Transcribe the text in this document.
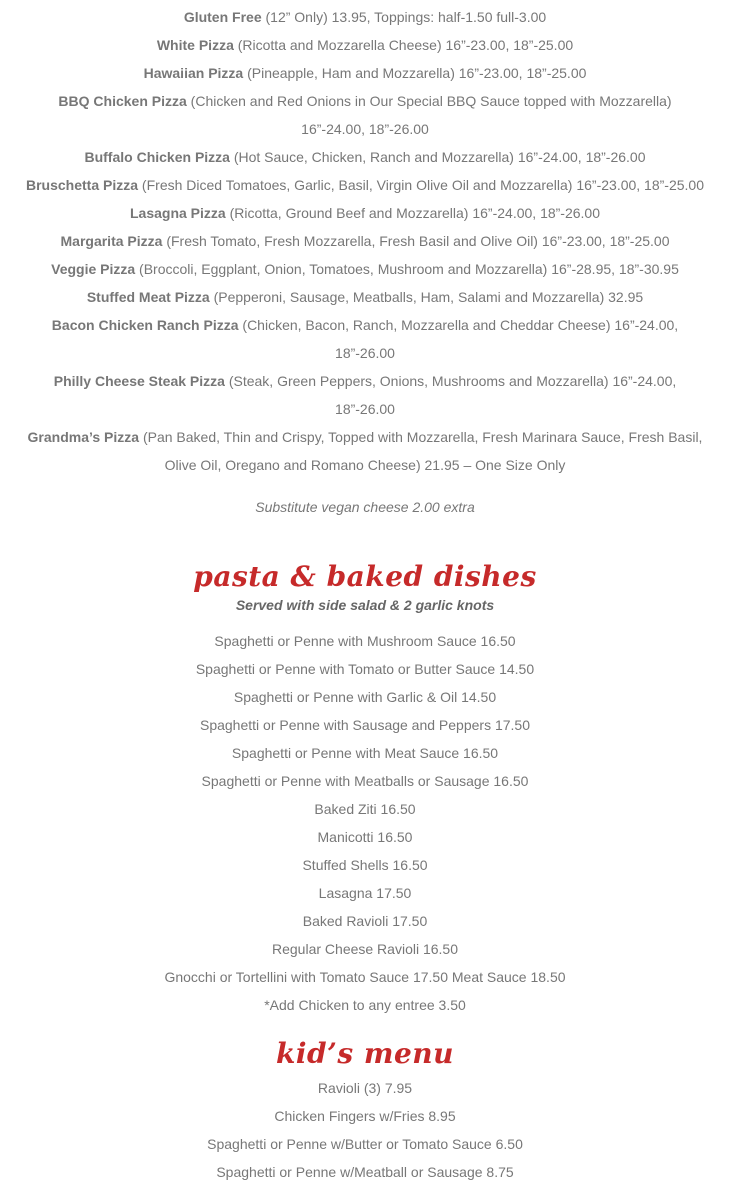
Gluten Free (12” Only) 13.95, Toppings: half-1.50 full-3.00

White Pizza (Ricotta and Mozzarella Cheese) 16”-23.00, 18”-25.00

Hawaiian Pizza (Pineapple, Ham and Mozzarella) 16”-23.00, 18”-25.00

BBQ Chicken Pizza (Chicken and Red Onions in Our Special BBQ Sauce topped with Mozzarella) 16”-24.00, 18”-26.00

Buffalo Chicken Pizza (Hot Sauce, Chicken, Ranch and Mozzarella) 16”-24.00, 18”-26.00

Bruschetta Pizza (Fresh Diced Tomatoes, Garlic, Basil, Virgin Olive Oil and Mozzarella) 16”-23.00, 18”-25.00

Lasagna Pizza (Ricotta, Ground Beef and Mozzarella) 16”-24.00, 18”-26.00

Margarita Pizza (Fresh Tomato, Fresh Mozzarella, Fresh Basil and Olive Oil) 16”-23.00, 18”-25.00

Veggie Pizza (Broccoli, Eggplant, Onion, Tomatoes, Mushroom and Mozzarella) 16”-28.95, 18”-30.95

Stuffed Meat Pizza (Pepperoni, Sausage, Meatballs, Ham, Salami and Mozzarella) 32.95

Bacon Chicken Ranch Pizza (Chicken, Bacon, Ranch, Mozzarella and Cheddar Cheese) 16”-24.00, 18”-26.00

Philly Cheese Steak Pizza (Steak, Green Peppers, Onions, Mushrooms and Mozzarella) 16”-24.00, 18”-26.00

Grandma’s Pizza (Pan Baked, Thin and Crispy, Topped with Mozzarella, Fresh Marinara Sauce, Fresh Basil, Olive Oil, Oregano and Romano Cheese) 21.95 – One Size Only

Substitute vegan cheese 2.00 extra

pasta & baked dishes

Served with side salad & 2 garlic knots

Spaghetti or Penne with Mushroom Sauce 16.50

Spaghetti or Penne with Tomato or Butter Sauce 14.50

Spaghetti or Penne with Garlic & Oil 14.50

Spaghetti or Penne with Sausage and Peppers 17.50

Spaghetti or Penne with Meat Sauce 16.50

Spaghetti or Penne with Meatballs or Sausage 16.50

Baked Ziti 16.50

Manicotti 16.50

Stuffed Shells 16.50

Lasagna 17.50

Baked Ravioli 17.50

Regular Cheese Ravioli 16.50

Gnocchi or Tortellini with Tomato Sauce 17.50 Meat Sauce 18.50

*Add Chicken to any entree 3.50

kid’s menu

Ravioli (3) 7.95

Chicken Fingers w/Fries 8.95

Spaghetti or Penne w/Butter or Tomato Sauce 6.50

Spaghetti or Penne w/Meatball or Sausage 8.75
